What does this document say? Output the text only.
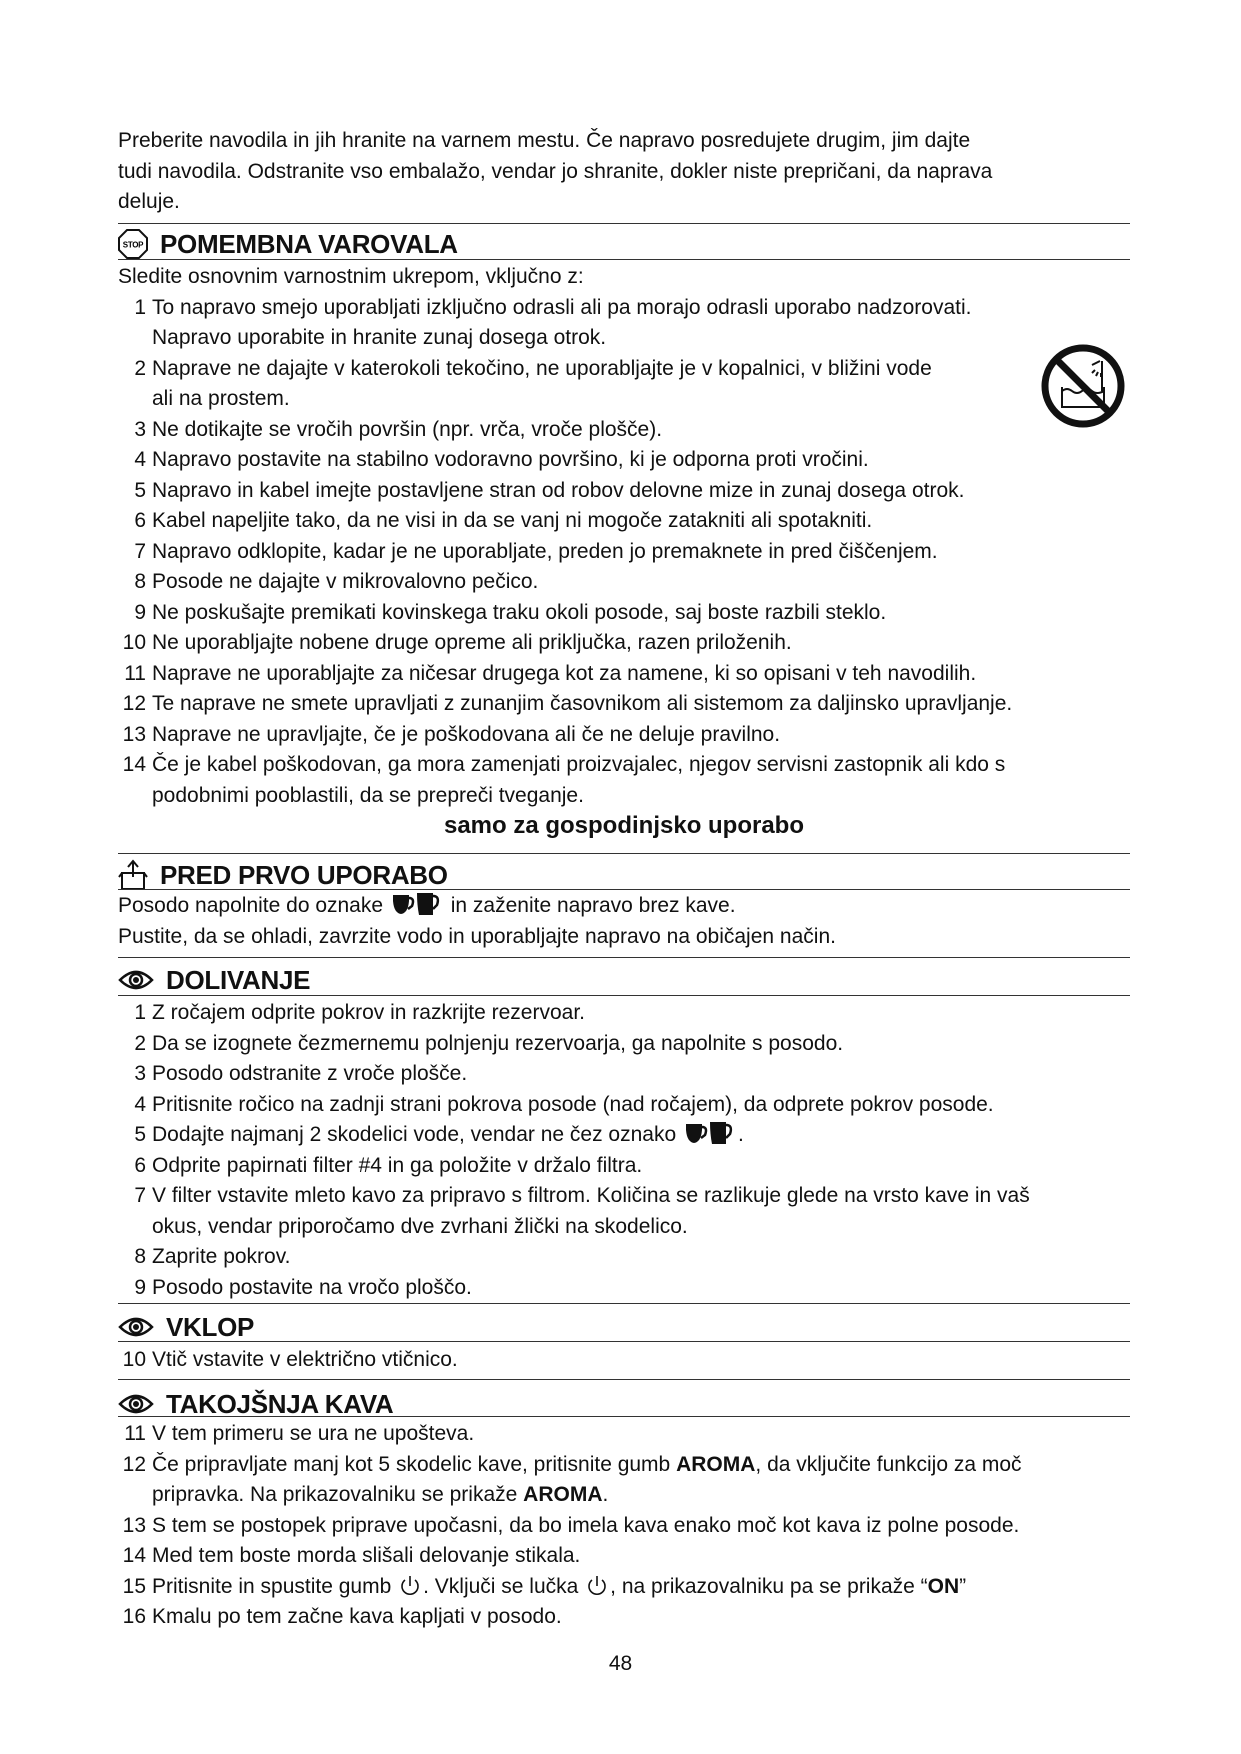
Preberite navodila in jih hranite na varnem mestu. Če napravo posredujete drugim, jim dajte
tudi navodila. Odstranite vso embalažo, vendar jo shranite, dokler niste prepričani, da naprava
deluje.
STOP POMEMBNA VAROVALA
Sledite osnovnim varnostnim ukrepom, vključno z:
1 To napravo smejo uporabljati izključno odrasli ali pa morajo odrasli uporabo nadzorovati.
Napravo uporabite in hranite zunaj dosega otrok.
2 Naprave ne dajajte v katerokoli tekočino, ne uporabljajte je v kopalnici, v bližini vode
ali na prostem.
3 Ne dotikajte se vročih površin (npr. vrča, vroče plošče).
4 Napravo postavite na stabilno vodoravno površino, ki je odporna proti vročini.
5 Napravo in kabel imejte postavljene stran od robov delovne mize in zunaj dosega otrok.
6 Kabel napeljite tako, da ne visi in da se vanj ni mogoče zatakniti ali spotakniti.
7 Napravo odklopite, kadar je ne uporabljate, preden jo premaknete in pred čiščenjem.
8 Posode ne dajajte v mikrovalovno pečico.
9 Ne poskušajte premikati kovinskega traku okoli posode, saj boste razbili steklo.
10 Ne uporabljajte nobene druge opreme ali priključka, razen priloženih.
11 Naprave ne uporabljajte za ničesar drugega kot za namene, ki so opisani v teh navodilih.
12 Te naprave ne smete upravljati z zunanjim časovnikom ali sistemom za daljinsko upravljanje.
13 Naprave ne upravljajte, če je poškodovana ali če ne deluje pravilno.
14 Če je kabel poškodovan, ga mora zamenjati proizvajalec, njegov servisni zastopnik ali kdo s
podobnimi pooblastili, da se prepreči tveganje.
samo za gospodinjsko uporabo
PRED PRVO UPORABO
Posodo napolnite do oznake	in zaženite napravo brez kave.
Pustite, da se ohladi, zavrzite vodo in uporabljajte napravo na običajen način.
DOLIVANJE
1 Z ročajem odprite pokrov in razkrijte rezervoar.
2 Da se izognete čezmernemu polnjenju rezervoarja, ga napolnite s posodo.
3 Posodo odstranite z vroče plošče.
4 Pritisnite ročico na zadnji strani pokrova posode (nad ročajem), da odprete pokrov posode.
5 Dodajte najmanj 2 skodelici vode, vendar ne čez oznako	.
6 Odprite papirnati filter #4 in ga položite v držalo filtra.
7 V filter vstavite mleto kavo za pripravo s filtrom. Količina se razlikuje glede na vrsto kave in vaš
okus, vendar priporočamo dve zvrhani žlički na skodelico.
8 Zaprite pokrov.
9 Posodo postavite na vročo ploščo.
VKLOP
10 Vtič vstavite v električno vtičnico.
TAKOJŠNJA KAVA
11 V tem primeru se ura ne upošteva.
12 Če pripravljate manj kot 5 skodelic kave, pritisnite gumb AROMA, da vključite funkcijo za moč
pripravka. Na prikazovalniku se prikaže AROMA.
13 S tem se postopek priprave upočasni, da bo imela kava enako moč kot kava iz polne posode.
14 Med tem boste morda slišali delovanje stikala.
15 Pritisnite in spustite gumb . Vključi se lučka , na prikazovalniku pa se prikaže “ON”
16 Kmalu po tem začne kava kapljati v posodo.
48
